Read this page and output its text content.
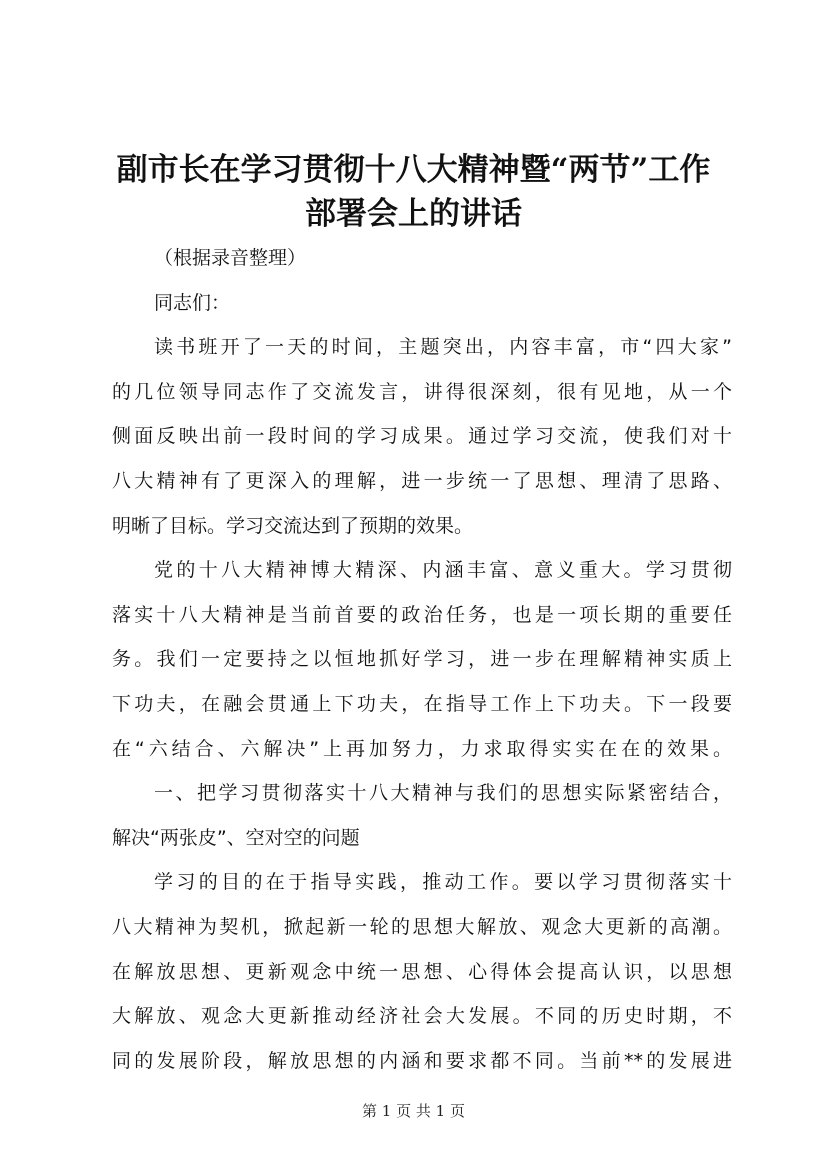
副市长在学习贯彻十八大精神暨“两节”工作
部署会上的讲话
（根据录音整理）
同志们：
读书班开了一天的时间，主题突出，内容丰富，市“四大家”
的几位领导同志作了交流发言，讲得很深刻，很有见地，从一个
侧面反映出前一段时间的学习成果。通过学习交流，使我们对十
八大精神有了更深入的理解，进一步统一了思想、理清了思路、
明晰了目标。学习交流达到了预期的效果。
党的十八大精神博大精深、内涵丰富、意义重大。学习贯彻
落实十八大精神是当前首要的政治任务，也是一项长期的重要任
务。我们一定要持之以恒地抓好学习，进一步在理解精神实质上
下功夫，在融会贯通上下功夫，在指导工作上下功夫。下一段要
在“六结合、六解决”上再加努力，力求取得实实在在的效果。
一、把学习贯彻落实十八大精神与我们的思想实际紧密结合，
解决“两张皮”、空对空的问题
学习的目的在于指导实践，推动工作。要以学习贯彻落实十
八大精神为契机，掀起新一轮的思想大解放、观念大更新的高潮。
在解放思想、更新观念中统一思想、心得体会提高认识，以思想
大解放、观念大更新推动经济社会大发展。不同的历史时期，不
同的发展阶段，解放思想的内涵和要求都不同。当前**的发展进
第 1 页 共 1 页
